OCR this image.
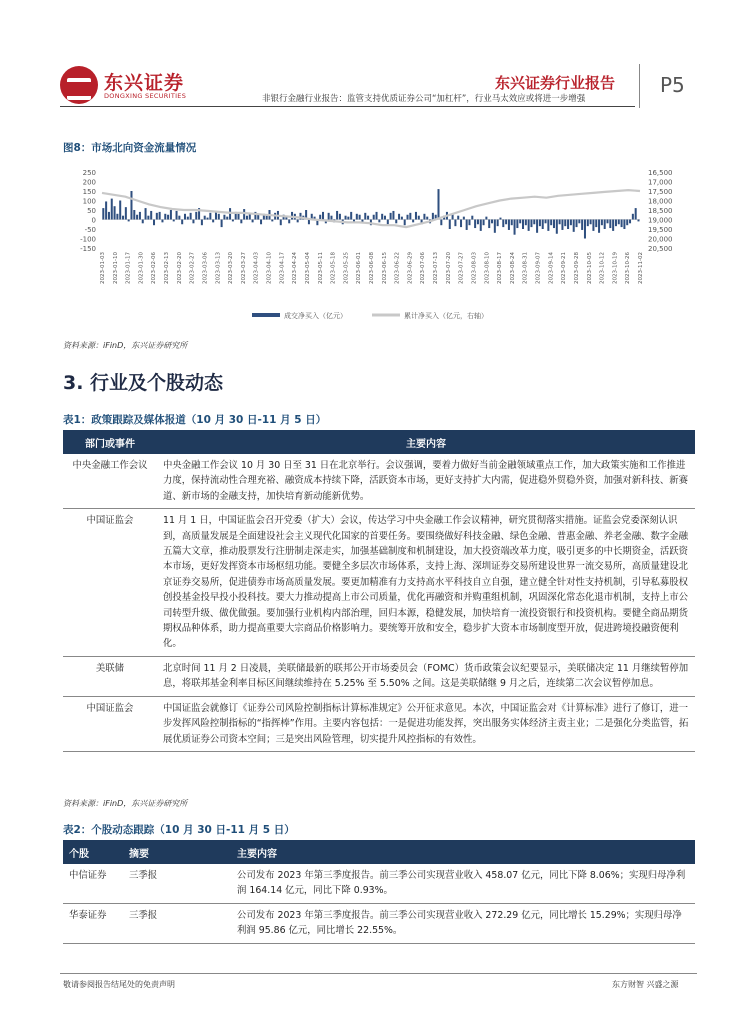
东兴证券
DONGXING SECURITIES
东兴证券行业报告
非银行金融行业报告：监管支持优质证券公司“加杠杆”，行业马太效应或将进一步增强
P5
图8：市场北向资金流量情况
250
200
150
100
50
0
-50
-100
-150
16,500
17,000
17,500
18,000
18,500
19,000
19,500
20,000
20,500
2023-01-03 2023-01-10 2023-01-17 2023-01-30 2023-02-06 2023-02-13 2023-02-20 2023-02-27 2023-03-06 2023-03-13 2023-03-20 2023-03-27 2023-04-03 2023-04-10 2023-04-17 2023-04-24 2023-05-04 2023-05-11 2023-05-18 2023-05-25 2023-06-01 2023-06-08 2023-06-15 2023-06-22 2023-06-29 2023-07-06 2023-07-13 2023-07-20 2023-07-27 2023-08-03 2023-08-10 2023-08-17 2023-08-24 2023-08-31 2023-09-07 2023-09-14 2023-09-21 2023-09-28 2023-10-05 2023-10-12 2023-10-19 2023-10-26 2023-11-02
成交净买入（亿元）	累计净买入（亿元，右轴）
资料来源：iFinD，东兴证券研究所
3. 行业及个股动态
表1：政策跟踪及媒体报道（10 月 30 日-11 月 5 日）
部门或事件	主要内容
中央金融工作会议	中央金融工作会议 10 月 30 日至 31 日在北京举行。会议强调，要着力做好当前金融领域重点工作，加大政策实施和工作推进力度，保持流动性合理充裕、融资成本持续下降，活跃资本市场，更好支持扩大内需，促进稳外贸稳外资，加强对新科技、新赛道、新市场的金融支持，加快培育新动能新优势。
中国证监会	11 月 1 日，中国证监会召开党委（扩大）会议，传达学习中央金融工作会议精神，研究贯彻落实措施。证监会党委深刻认识到，高质量发展是全面建设社会主义现代化国家的首要任务。要围绕做好科技金融、绿色金融、普惠金融、养老金融、数字金融五篇大文章，推动股票发行注册制走深走实，加强基础制度和机制建设，加大投资端改革力度，吸引更多的中长期资金，活跃资本市场，更好发挥资本市场枢纽功能。要健全多层次市场体系，支持上海、深圳证券交易所建设世界一流交易所，高质量建设北京证券交易所，促进债券市场高质量发展。要更加精准有力支持高水平科技自立自强，建立健全针对性支持机制，引导私募股权创投基金投早投小投科技。要大力推动提高上市公司质量，优化再融资和并购重组机制，巩固深化常态化退市机制，支持上市公司转型升级、做优做强。要加强行业机构内部治理，回归本源，稳健发展，加快培育一流投资银行和投资机构。要健全商品期货期权品种体系，助力提高重要大宗商品价格影响力。要统筹开放和安全，稳步扩大资本市场制度型开放，促进跨境投融资便利化。
美联储	北京时间 11 月 2 日凌晨，美联储最新的联邦公开市场委员会（FOMC）货币政策会议纪要显示，美联储决定 11 月继续暂停加息，将联邦基金利率目标区间继续维持在 5.25% 至 5.50% 之间。这是美联储继 9 月之后，连续第二次会议暂停加息。
中国证监会	中国证监会就修订《证券公司风险控制指标计算标准规定》公开征求意见。本次，中国证监会对《计算标准》进行了修订，进一步发挥风险控制指标的“指挥棒”作用。主要内容包括：一是促进功能发挥，突出服务实体经济主责主业；二是强化分类监管，拓展优质证券公司资本空间；三是突出风险管理，切实提升风控指标的有效性。
资料来源：iFinD，东兴证券研究所
表2：个股动态跟踪（10 月 30 日-11 月 5 日）
个股	摘要	主要内容
中信证券	三季报	公司发布 2023 年第三季度报告。前三季公司实现营业收入 458.07 亿元，同比下降 8.06%；实现归母净利润 164.14 亿元，同比下降 0.93%。
华泰证券	三季报	公司发布 2023 年第三季度报告。前三季公司实现营业收入 272.29 亿元，同比增长 15.29%；实现归母净利润 95.86 亿元，同比增长 22.55%。
敬请参阅报告结尾处的免责声明	东方财智 兴盛之源
